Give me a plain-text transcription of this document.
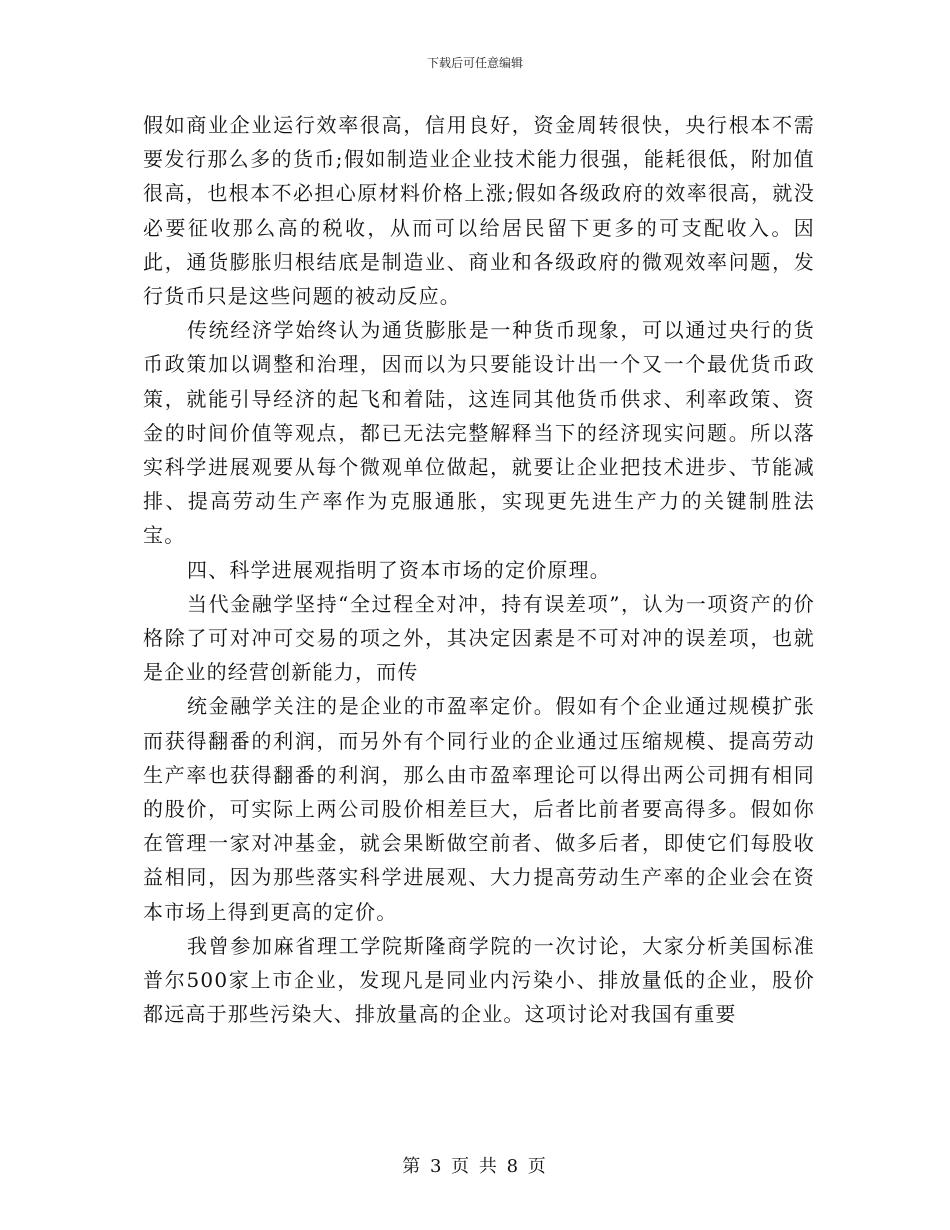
下载后可任意编辑

假如商业企业运行效率很高，信用良好，资金周转很快，央行根本不需要发行那么多的货币;假如制造业企业技术能力很强，能耗很低，附加值很高，也根本不必担心原材料价格上涨;假如各级政府的效率很高，就没必要征收那么高的税收，从而可以给居民留下更多的可支配收入。因此，通货膨胀归根结底是制造业、商业和各级政府的微观效率问题，发行货币只是这些问题的被动反应。

传统经济学始终认为通货膨胀是一种货币现象，可以通过央行的货币政策加以调整和治理，因而以为只要能设计出一个又一个最优货币政策，就能引导经济的起飞和着陆，这连同其他货币供求、利率政策、资金的时间价值等观点，都已无法完整解释当下的经济现实问题。所以落实科学进展观要从每个微观单位做起，就要让企业把技术进步、节能减排、提高劳动生产率作为克服通胀，实现更先进生产力的关键制胜法宝。

四、科学进展观指明了资本市场的定价原理。

当代金融学坚持“全过程全对冲，持有误差项”，认为一项资产的价格除了可对冲可交易的项之外，其决定因素是不可对冲的误差项，也就是企业的经营创新能力，而传

统金融学关注的是企业的市盈率定价。假如有个企业通过规模扩张而获得翻番的利润，而另外有个同行业的企业通过压缩规模、提高劳动生产率也获得翻番的利润，那么由市盈率理论可以得出两公司拥有相同的股价，可实际上两公司股价相差巨大，后者比前者要高得多。假如你在管理一家对冲基金，就会果断做空前者、做多后者，即使它们每股收益相同，因为那些落实科学进展观、大力提高劳动生产率的企业会在资本市场上得到更高的定价。

我曾参加麻省理工学院斯隆商学院的一次讨论，大家分析美国标准普尔500家上市企业，发现凡是同业内污染小、排放量低的企业，股价都远高于那些污染大、排放量高的企业。这项讨论对我国有重要

第 3 页 共 8 页
